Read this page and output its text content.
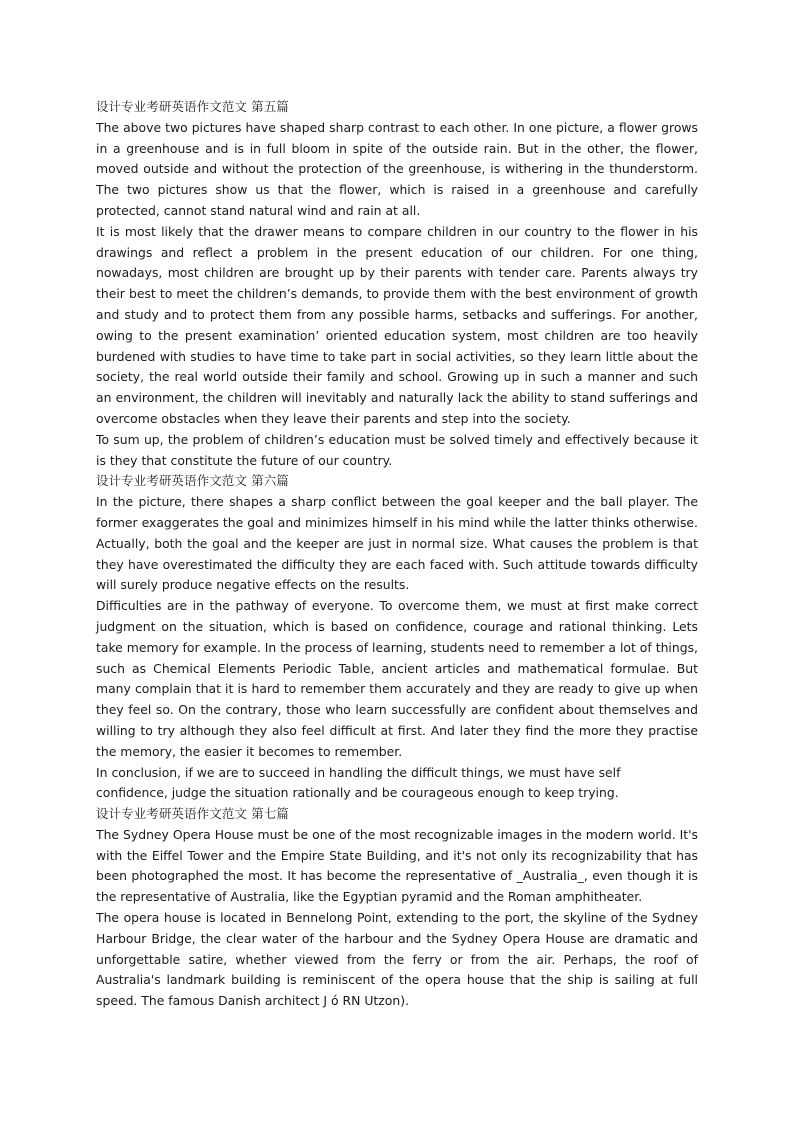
设计专业考研英语作文范文 第五篇

The above two pictures have shaped sharp contrast to each other. In one picture, a flower grows in a greenhouse and is in full bloom in spite of the outside rain. But in the other, the flower, moved outside and without the protection of the greenhouse, is withering in the thunderstorm. The two pictures show us that the flower, which is raised in a greenhouse and carefully protected, cannot stand natural wind and rain at all.

It is most likely that the drawer means to compare children in our country to the flower in his drawings and reflect a problem in the present education of our children. For one thing, nowadays, most children are brought up by their parents with tender care. Parents always try their best to meet the children’s demands, to provide them with the best environment of growth and study and to protect them from any possible harms, setbacks and sufferings. For another, owing to the present examination’ oriented education system, most children are too heavily burdened with studies to have time to take part in social activities, so they learn little about the society, the real world outside their family and school. Growing up in such a manner and such an environment, the children will inevitably and naturally lack the ability to stand sufferings and overcome obstacles when they leave their parents and step into the society.

To sum up, the problem of children’s education must be solved timely and effectively because it is they that constitute the future of our country.

设计专业考研英语作文范文 第六篇

In the picture, there shapes a sharp conflict between the goal keeper and the ball player. The former exaggerates the goal and minimizes himself in his mind while the latter thinks otherwise. Actually, both the goal and the keeper are just in normal size. What causes the problem is that they have overestimated the difficulty they are each faced with. Such attitude towards difficulty will surely produce negative effects on the results.

Difficulties are in the pathway of everyone. To overcome them, we must at first make correct judgment on the situation, which is based on confidence, courage and rational thinking. Lets take memory for example. In the process of learning, students need to remember a lot of things, such as Chemical Elements Periodic Table, ancient articles and mathematical formulae. But many complain that it is hard to remember them accurately and they are ready to give up when they feel so. On the contrary, those who learn successfully are confident about themselves and willing to try although they also feel difficult at first. And later they find the more they practise the memory, the easier it becomes to remember.

In conclusion, if we are to succeed in handling the difficult things, we must have self

confidence, judge the situation rationally and be courageous enough to keep trying.

设计专业考研英语作文范文 第七篇

The Sydney Opera House must be one of the most recognizable images in the modern world. It's with the Eiffel Tower and the Empire State Building, and it's not only its recognizability that has been photographed the most. It has become the representative of _Australia_, even though it is the representative of Australia, like the Egyptian pyramid and the Roman amphitheater.

The opera house is located in Bennelong Point, extending to the port, the skyline of the Sydney Harbour Bridge, the clear water of the harbour and the Sydney Opera House are dramatic and unforgettable satire, whether viewed from the ferry or from the air. Perhaps, the roof of Australia's landmark building is reminiscent of the opera house that the ship is sailing at full speed. The famous Danish architect J ó RN Utzon).
